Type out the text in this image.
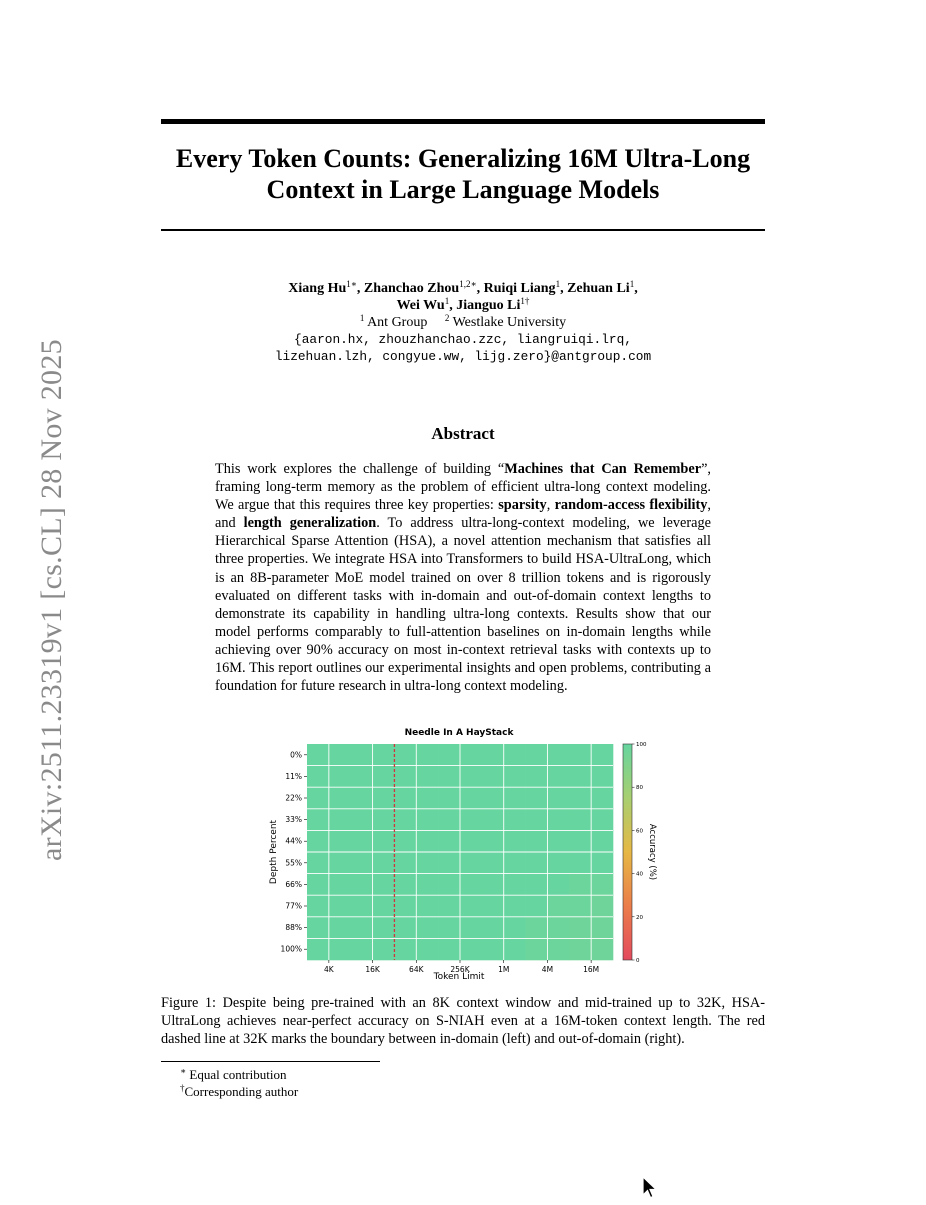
arXiv:2511.23319v1 [cs.CL] 28 Nov 2025
Every Token Counts: Generalizing 16M Ultra-Long
Context in Large Language Models
Xiang $Hu^{1∗}$, Zhanchao Zhou$^{1,2∗}$, Ruiqi Liang$^1$, Zehuan Li$^1$,
Wei Wu$^1$, Jianguo $Li^{1\dagger}$
$^1$ Ant Group $^2$ Westlake University
{aaron.hx, zhouzhanchao.zzc, liangruiqi.lrq,
lizehuan.lzh, congyue.ww, lijg.zero}@antgroup.com
Abstract
This work explores the challenge of building “Machines that Can Remember”, framing long-term memory as the problem of efficient ultra-long context modeling. We argue that this requires three key properties: sparsity, random-access flexibility, and length generalization. To address ultra-long-context modeling, we leverage Hierarchical Sparse Attention (HSA), a novel attention mechanism that satisfies all three properties. We integrate HSA into Transformers to build HSA-UltraLong, which is an 8B-parameter MoE model trained on over 8 trillion tokens and is rigorously evaluated on different tasks with in-domain and out-of-domain context lengths to demonstrate its capability in handling ultra-long contexts. Results show that our model performs comparably to full-attention baselines on in-domain lengths while achieving over 90% accuracy on most in-context retrieval tasks with contexts up to 16M. This report outlines our experimental insights and open problems, contributing a foundation for future research in ultra-long context modeling.
Needle In A HayStack
0%
11%
22%
33%
44%
55%
66%
77%
88%
100%
4K	16K	64K	256K	1M	4M	16M
Depth Percent
Token Limit
0
20
40
60
80
100
Accuracy (%)
Figure 1: Despite being pre-trained with an 8K context window and mid-trained up to 32K, HSA-UltraLong achieves near-perfect accuracy on S-NIAH even at a 16M-token context length. The red dashed line at 32K marks the boundary between in-domain (left) and out-of-domain (right).
∗ Equal contribution
†Corresponding author
